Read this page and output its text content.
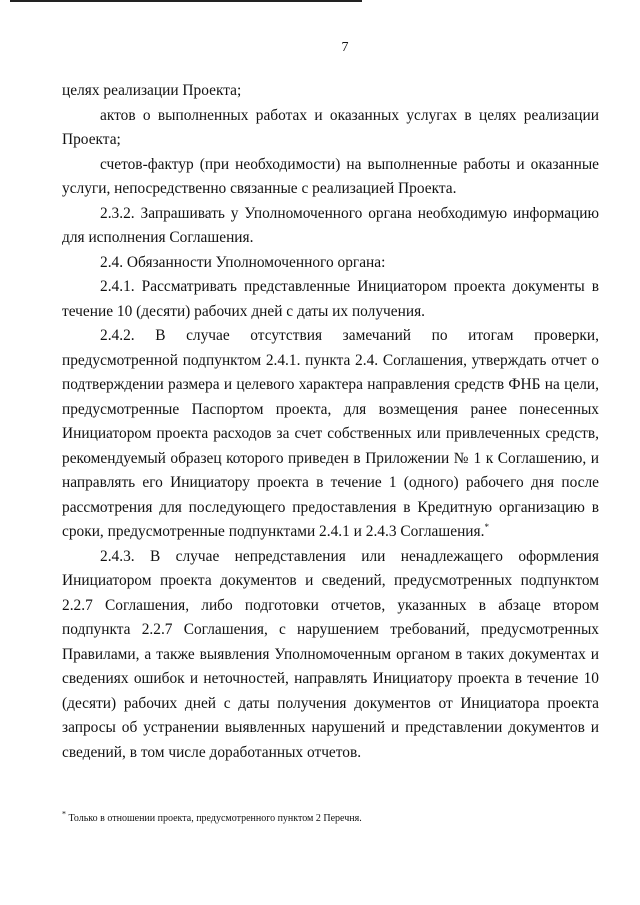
7

целях реализации Проекта;

актов о выполненных работах и оказанных услугах в целях реализации Проекта;

счетов-фактур (при необходимости) на выполненные работы и оказанные услуги, непосредственно связанные с реализацией Проекта.

2.3.2. Запрашивать у Уполномоченного органа необходимую информацию для исполнения Соглашения.

2.4. Обязанности Уполномоченного органа:

2.4.1. Рассматривать представленные Инициатором проекта документы в течение 10 (десяти) рабочих дней с даты их получения.

2.4.2. В случае отсутствия замечаний по итогам проверки, предусмотренной подпунктом 2.4.1. пункта 2.4. Соглашения, утверждать отчет о подтверждении размера и целевого характера направления средств ФНБ на цели, предусмотренные Паспортом проекта, для возмещения ранее понесенных Инициатором проекта расходов за счет собственных или привлеченных средств, рекомендуемый образец которого приведен в Приложении № 1 к Соглашению, и направлять его Инициатору проекта в течение 1 (одного) рабочего дня после рассмотрения для последующего предоставления в Кредитную организацию в сроки, предусмотренные подпунктами 2.4.1 и 2.4.3 Соглашения.*

2.4.3. В случае непредставления или ненадлежащего оформления Инициатором проекта документов и сведений, предусмотренных подпунктом 2.2.7 Соглашения, либо подготовки отчетов, указанных в абзаце втором подпункта 2.2.7 Соглашения, с нарушением требований, предусмотренных Правилами, а также выявления Уполномоченным органом в таких документах и сведениях ошибок и неточностей, направлять Инициатору проекта в течение 10 (десяти) рабочих дней с даты получения документов от Инициатора проекта запросы об устранении выявленных нарушений и представлении документов и сведений, в том числе доработанных отчетов.

* Только в отношении проекта, предусмотренного пунктом 2 Перечня.
